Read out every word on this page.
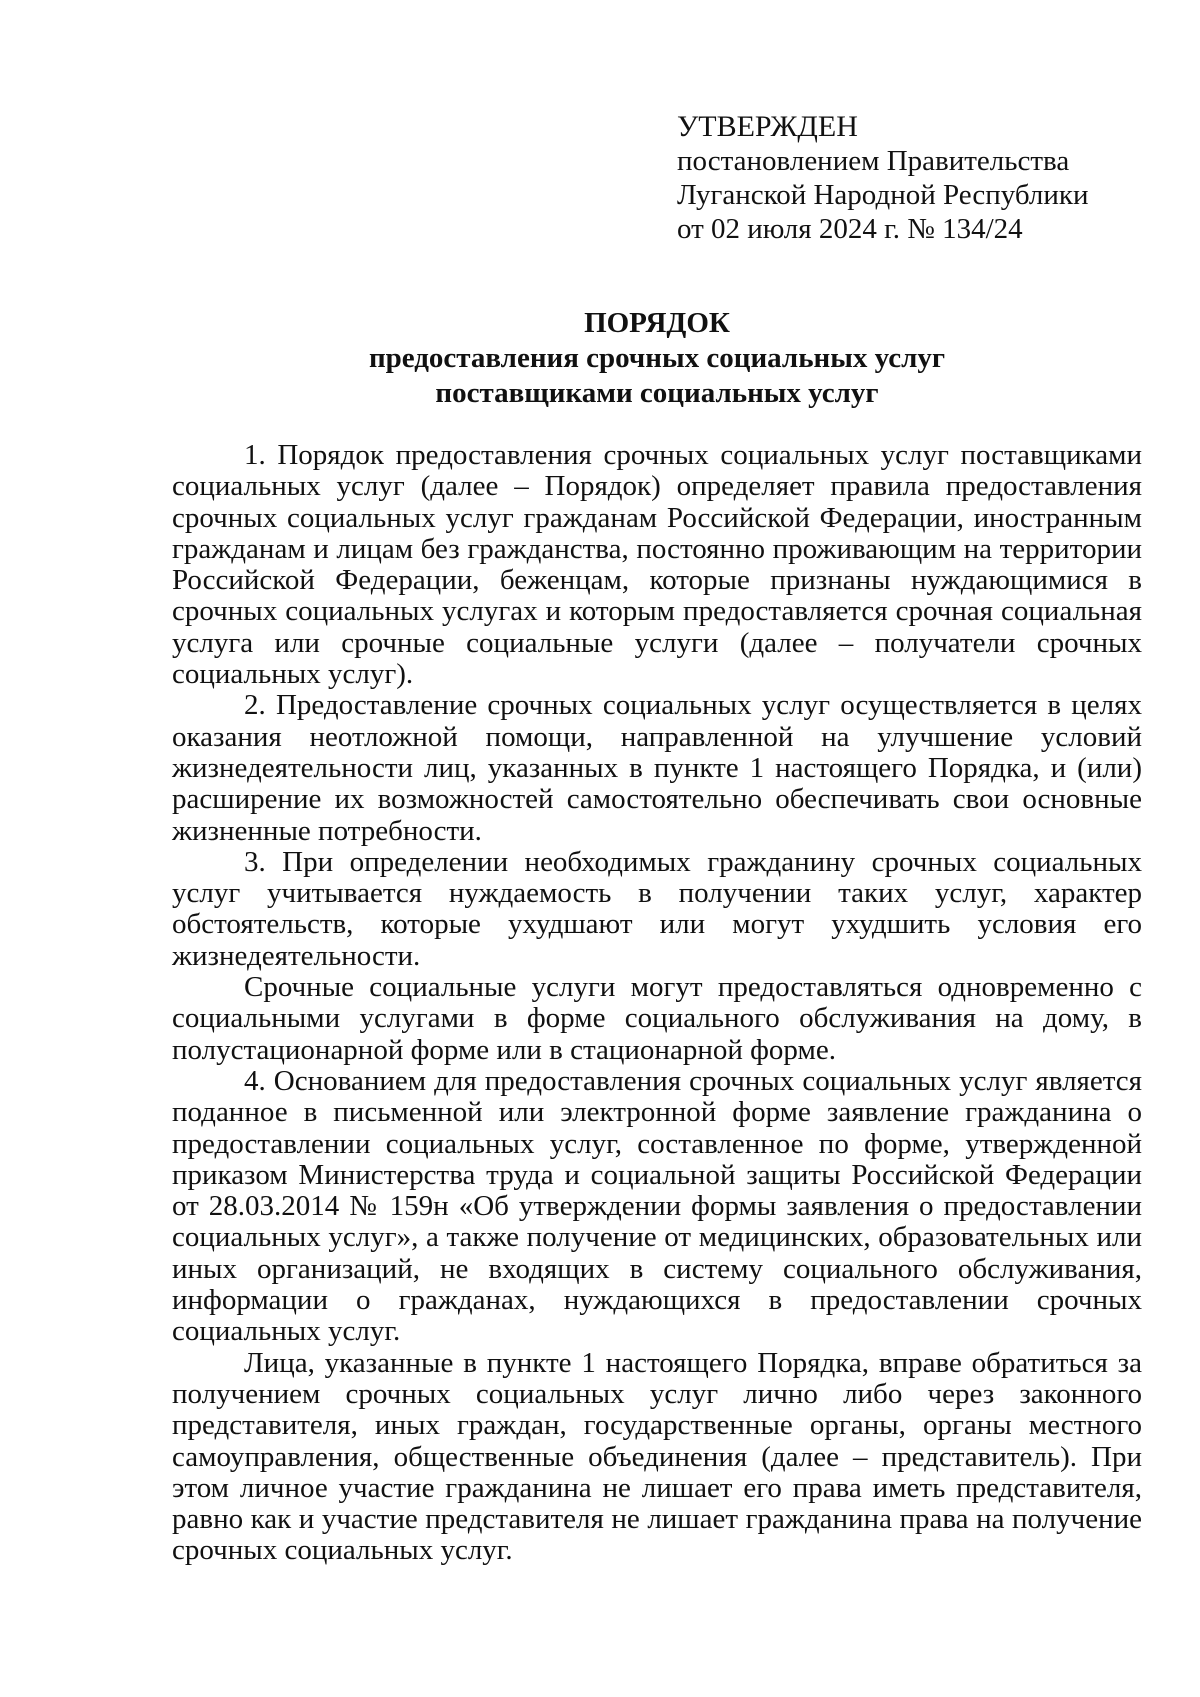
УТВЕРЖДЕН
постановлением Правительства
Луганской Народной Республики
от 02 июля 2024 г. № 134/24
ПОРЯДОК
предоставления срочных социальных услуг
поставщиками социальных услуг

1. Порядок предоставления срочных социальных услуг поставщиками социальных услуг (далее – Порядок) определяет правила предоставления срочных социальных услуг гражданам Российской Федерации, иностранным гражданам и лицам без гражданства, постоянно проживающим на территории Российской Федерации, беженцам, которые признаны нуждающимися в срочных социальных услугах и которым предоставляется срочная социальная услуга или срочные социальные услуги (далее – получатели срочных социальных услуг).

2. Предоставление срочных социальных услуг осуществляется в целях оказания неотложной помощи, направленной на улучшение условий жизнедеятельности лиц, указанных в пункте 1 настоящего Порядка, и (или) расширение их возможностей самостоятельно обеспечивать свои основные жизненные потребности.

3. При определении необходимых гражданину срочных социальных услуг учитывается нуждаемость в получении таких услуг, характер обстоятельств, которые ухудшают или могут ухудшить условия его жизнедеятельности.

Срочные социальные услуги могут предоставляться одновременно с социальными услугами в форме социального обслуживания на дому, в полустационарной форме или в стационарной форме.

4. Основанием для предоставления срочных социальных услуг является поданное в письменной или электронной форме заявление гражданина о предоставлении социальных услуг, составленное по форме, утвержденной приказом Министерства труда и социальной защиты Российской Федерации от 28.03.2014 № 159н «Об утверждении формы заявления о предоставлении социальных услуг», а также получение от медицинских, образовательных или иных организаций, не входящих в систему социального обслуживания, информации о гражданах, нуждающихся в предоставлении срочных социальных услуг.

Лица, указанные в пункте 1 настоящего Порядка, вправе обратиться за получением срочных социальных услуг лично либо через законного представителя, иных граждан, государственные органы, органы местного самоуправления, общественные объединения (далее – представитель). При этом личное участие гражданина не лишает его права иметь представителя, равно как и участие представителя не лишает гражданина права на получение срочных социальных услуг.
